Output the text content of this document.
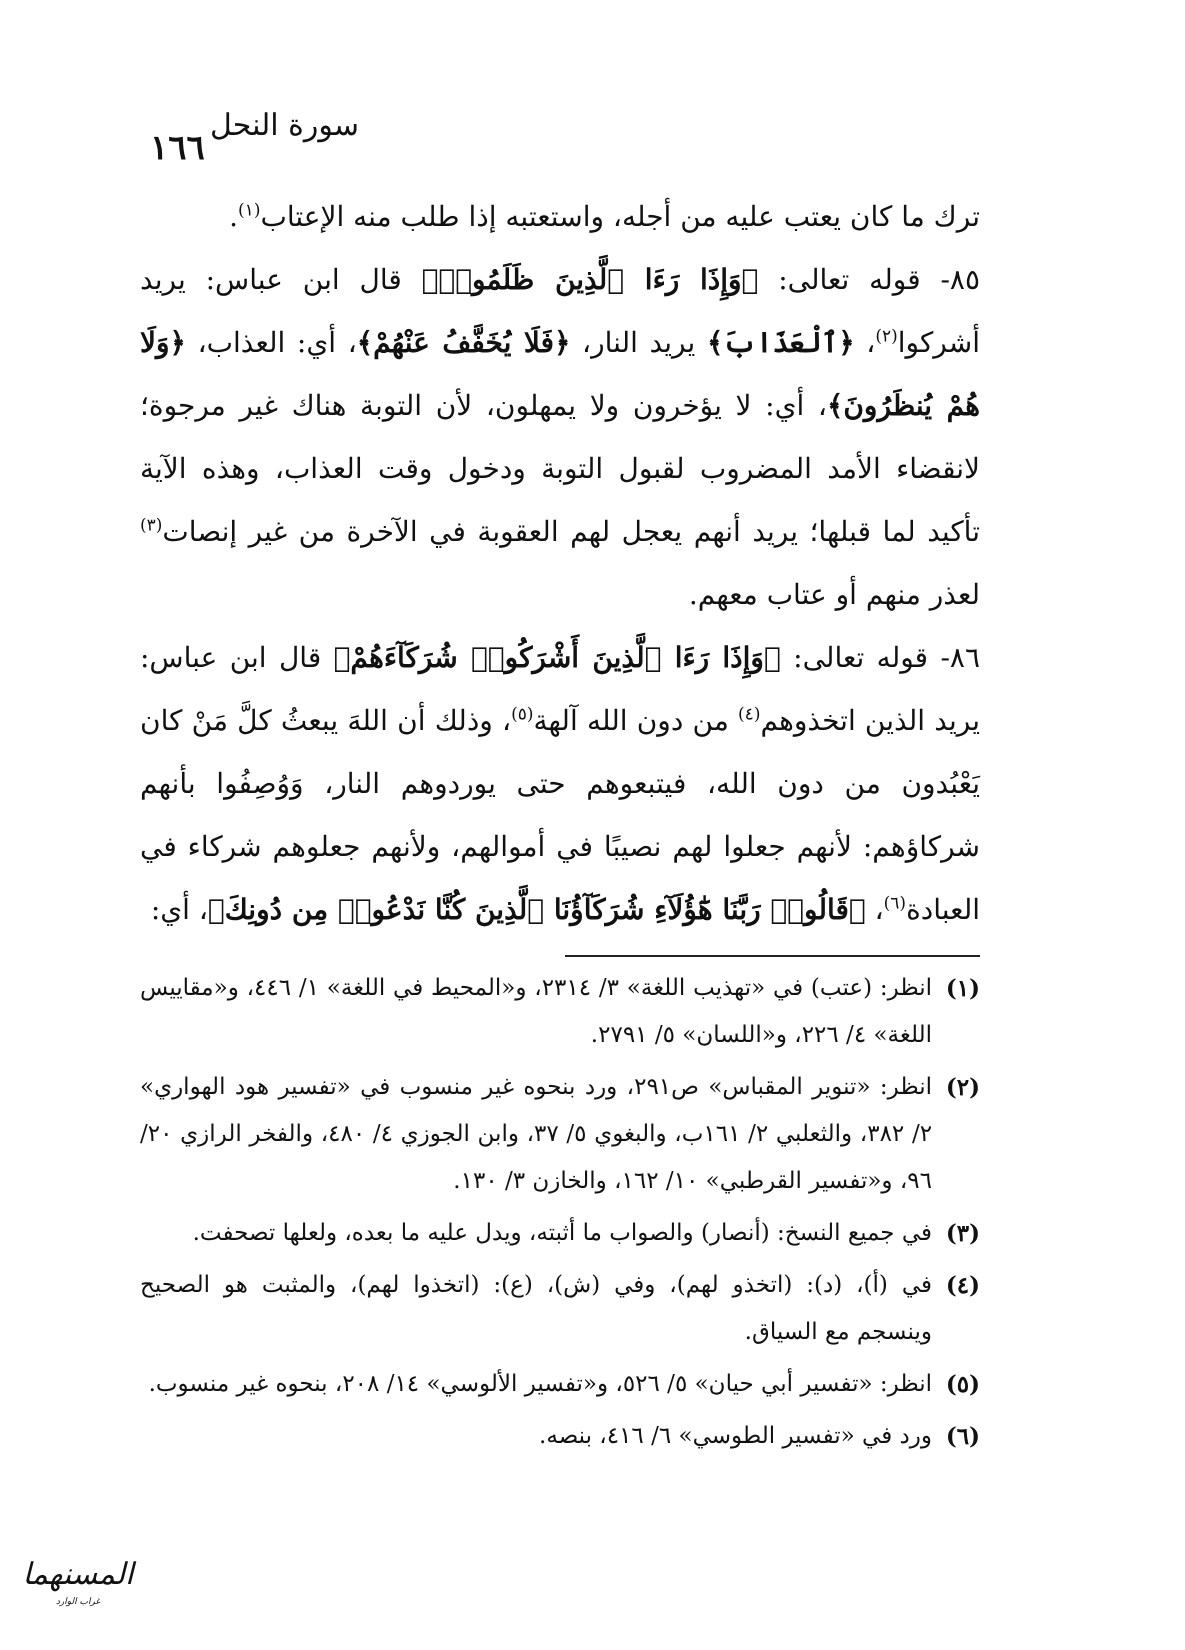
١٦٦
سورة النحل

ترك ما كان يعتب عليه من أجله، واستعتبه إذا طلب منه الإعتاب$^{(١)}$.

٨٥- قوله تعالى: ﴿وَإِذَا رَءَا ٱلَّذِينَ ظَلَمُوا۟﴾ قال ابن عباس: يريد أشركوا$^{(٢)}$، ﴿ٱلْعَذَابَ﴾ يريد النار، ﴿فَلَا يُخَفَّفُ عَنْهُمْ﴾، أي: العذاب، ﴿وَلَا هُمْ يُنظَرُونَ﴾، أي: لا يؤخرون ولا يمهلون، لأن التوبة هناك غير مرجوة؛ لانقضاء الأمد المضروب لقبول التوبة ودخول وقت العذاب، وهذه الآية تأكيد لما قبلها؛ يريد أنهم يعجل لهم العقوبة في الآخرة من غير إنصات$^{(٣)}$ لعذر منهم أو عتاب معهم.

٨٦- قوله تعالى: ﴿وَإِذَا رَءَا ٱلَّذِينَ أَشْرَكُوا۟ شُرَكَآءَهُمْ﴾ قال ابن عباس: يريد الذين اتخذوهم$^{(٤)}$ من دون الله آلهة$^{(٥)}$، وذلك أن اللهَ يبعثُ كلَّ مَنْ كان يَعْبُدون من دون الله، فيتبعوهم حتى يوردوهم النار، وَوُصِفُوا بأنهم شركاؤهم: لأنهم جعلوا لهم نصيبًا في أموالهم، ولأنهم جعلوهم شركاء في العبادة$^{(٦)}$، ﴿قَالُوا۟ رَبَّنَا هَٰٓؤُلَآءِ شُرَكَآؤُنَا ٱلَّذِينَ كُنَّا نَدْعُوا۟ مِن دُونِكَ﴾، أي:

(١)
انظر: (عتب) في «تهذيب اللغة» ٣/ ٢٣١٤، و«المحيط في اللغة» ١/ ٤٤٦، و«مقاييس اللغة» ٤/ ٢٢٦، و«اللسان» ٥/ ٢٧٩١.
(٢)
انظر: «تنوير المقباس» ص٢٩١، ورد بنحوه غير منسوب في «تفسير هود الهواري» ٢/ ٣٨٢، والثعلبي ٢/ ١٦١ب، والبغوي ٥/ ٣٧، وابن الجوزي ٤/ ٤٨٠، والفخر الرازي ٢٠/ ٩٦، و«تفسير القرطبي» ١٠/ ١٦٢، والخازن ٣/ ١٣٠.
(٣)
في جميع النسخ: (أنصار) والصواب ما أثبته، ويدل عليه ما بعده، ولعلها تصحفت.
(٤)
في (أ)، (د): (اتخذو لهم)، وفي (ش)، (ع): (اتخذوا لهم)، والمثبت هو الصحيح وينسجم مع السياق.
(٥)
انظر: «تفسير أبي حيان» ٥/ ٥٢٦، و«تفسير الألوسي» ١٤/ ٢٠٨، بنحوه غير منسوب.
(٦)
ورد في «تفسير الطوسي» ٦/ ٤١٦، بنصه.
المسنهما
غراب الوارد
